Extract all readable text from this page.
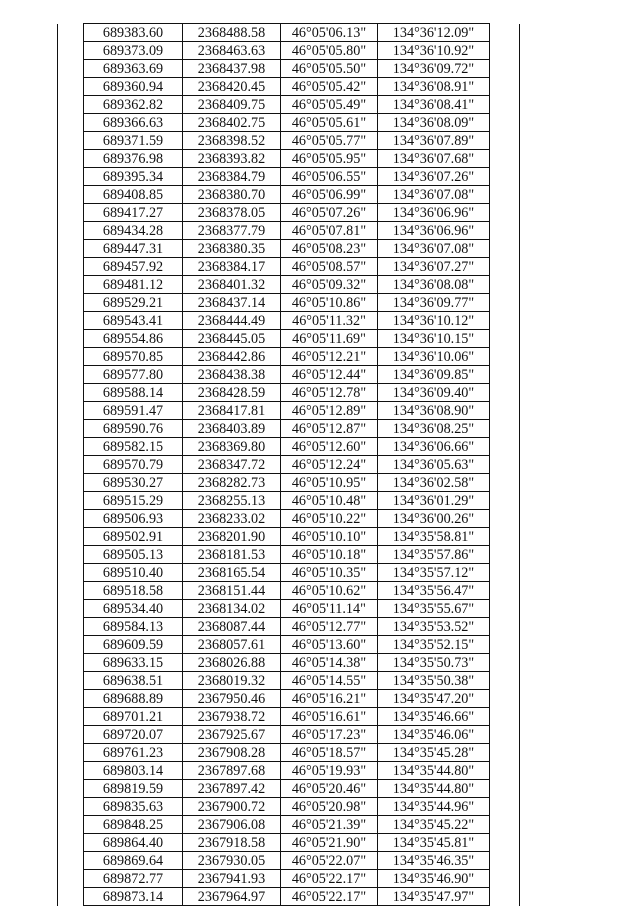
	689383.60	2368488.58	46°05'06.13"	134°36'12.09"	
	689373.09	2368463.63	46°05'05.80"	134°36'10.92"	
	689363.69	2368437.98	46°05'05.50"	134°36'09.72"	
	689360.94	2368420.45	46°05'05.42"	134°36'08.91"	
	689362.82	2368409.75	46°05'05.49"	134°36'08.41"	
	689366.63	2368402.75	46°05'05.61"	134°36'08.09"	
	689371.59	2368398.52	46°05'05.77"	134°36'07.89"	
	689376.98	2368393.82	46°05'05.95"	134°36'07.68"	
	689395.34	2368384.79	46°05'06.55"	134°36'07.26"	
	689408.85	2368380.70	46°05'06.99"	134°36'07.08"	
	689417.27	2368378.05	46°05'07.26"	134°36'06.96"	
	689434.28	2368377.79	46°05'07.81"	134°36'06.96"	
	689447.31	2368380.35	46°05'08.23"	134°36'07.08"	
	689457.92	2368384.17	46°05'08.57"	134°36'07.27"	
	689481.12	2368401.32	46°05'09.32"	134°36'08.08"	
	689529.21	2368437.14	46°05'10.86"	134°36'09.77"	
	689543.41	2368444.49	46°05'11.32"	134°36'10.12"	
	689554.86	2368445.05	46°05'11.69"	134°36'10.15"	
	689570.85	2368442.86	46°05'12.21"	134°36'10.06"	
	689577.80	2368438.38	46°05'12.44"	134°36'09.85"	
	689588.14	2368428.59	46°05'12.78"	134°36'09.40"	
	689591.47	2368417.81	46°05'12.89"	134°36'08.90"	
	689590.76	2368403.89	46°05'12.87"	134°36'08.25"	
	689582.15	2368369.80	46°05'12.60"	134°36'06.66"	
	689570.79	2368347.72	46°05'12.24"	134°36'05.63"	
	689530.27	2368282.73	46°05'10.95"	134°36'02.58"	
	689515.29	2368255.13	46°05'10.48"	134°36'01.29"	
	689506.93	2368233.02	46°05'10.22"	134°36'00.26"	
	689502.91	2368201.90	46°05'10.10"	134°35'58.81"	
	689505.13	2368181.53	46°05'10.18"	134°35'57.86"	
	689510.40	2368165.54	46°05'10.35"	134°35'57.12"	
	689518.58	2368151.44	46°05'10.62"	134°35'56.47"	
	689534.40	2368134.02	46°05'11.14"	134°35'55.67"	
	689584.13	2368087.44	46°05'12.77"	134°35'53.52"	
	689609.59	2368057.61	46°05'13.60"	134°35'52.15"	
	689633.15	2368026.88	46°05'14.38"	134°35'50.73"	
	689638.51	2368019.32	46°05'14.55"	134°35'50.38"	
	689688.89	2367950.46	46°05'16.21"	134°35'47.20"	
	689701.21	2367938.72	46°05'16.61"	134°35'46.66"	
	689720.07	2367925.67	46°05'17.23"	134°35'46.06"	
	689761.23	2367908.28	46°05'18.57"	134°35'45.28"	
	689803.14	2367897.68	46°05'19.93"	134°35'44.80"	
	689819.59	2367897.42	46°05'20.46"	134°35'44.80"	
	689835.63	2367900.72	46°05'20.98"	134°35'44.96"	
	689848.25	2367906.08	46°05'21.39"	134°35'45.22"	
	689864.40	2367918.58	46°05'21.90"	134°35'45.81"	
	689869.64	2367930.05	46°05'22.07"	134°35'46.35"	
	689872.77	2367941.93	46°05'22.17"	134°35'46.90"	
	689873.14	2367964.97	46°05'22.17"	134°35'47.97"	
